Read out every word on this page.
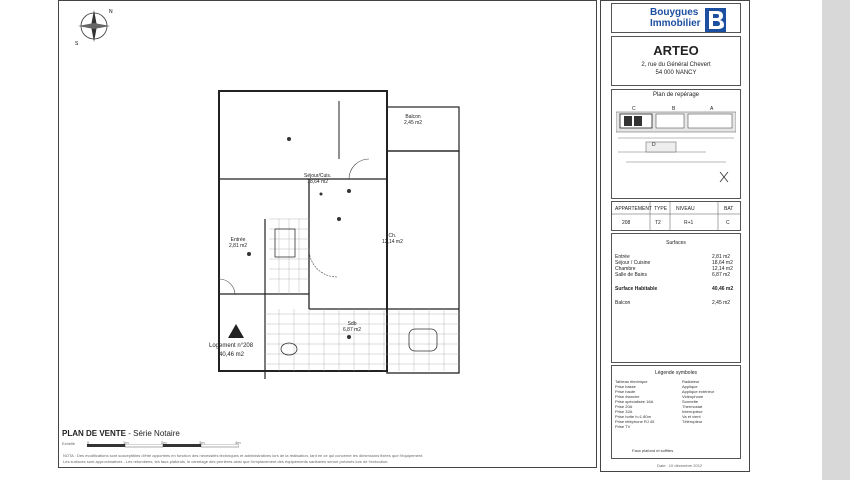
S
N
Séjour/Cuis.
18,64 m2
Ch.
12,14 m2
Entrée
2,81 m2
Sdb
6,87 m2
Balcon
2,45 m2
Logement n°208
40,46 m2
PLAN DE VENTE - Série Notaire
Echelle	0	1m	2m	3m	4m
NOTA : Des modifications sont susceptibles d'être apportées en fonction des nécessités techniques et administratives lors de la réalisation, tant en ce qui concerne les dimensions fixées que l'équipement.
Les surfaces sont approximatives - Les retombées, les faux-plafonds, le carrelage des perrières ainsi que l'emplacement des équipements sanitaires seront précisés lors de l'exécution.
Bouygues
Immobilier
ARTEO
2, rue du Général Chevert
54 000 NANCY
Plan de repérage
C	B	A
D
APPARTEMENT TYPE NIVEAU	BAT
208	T2	R+1	C
Surfaces
Entrée	2,81 m2
Séjour / Cuisine	18,64 m2
Chambre	12,14 m2
Salle de Bains	6,87 m2
Surface Habitable	40,46 m2
Balcon	2,45 m2
Légende symboles
Tableau électrique
Prise basse
Prise haute
Prise étanche
Prise spécialisée 16A
Prise 20A
Prise 32A
Prise hotte h=1.80m
Prise téléphone RJ 45
Prise TV
Radiateur
Applique
Applique extérieur
Vidéophone
Sonnette
Thermostat
Interrupteur
Va et vient
Télérupteur
Faux plafond et soffites
Date : 10 décembre 2012
